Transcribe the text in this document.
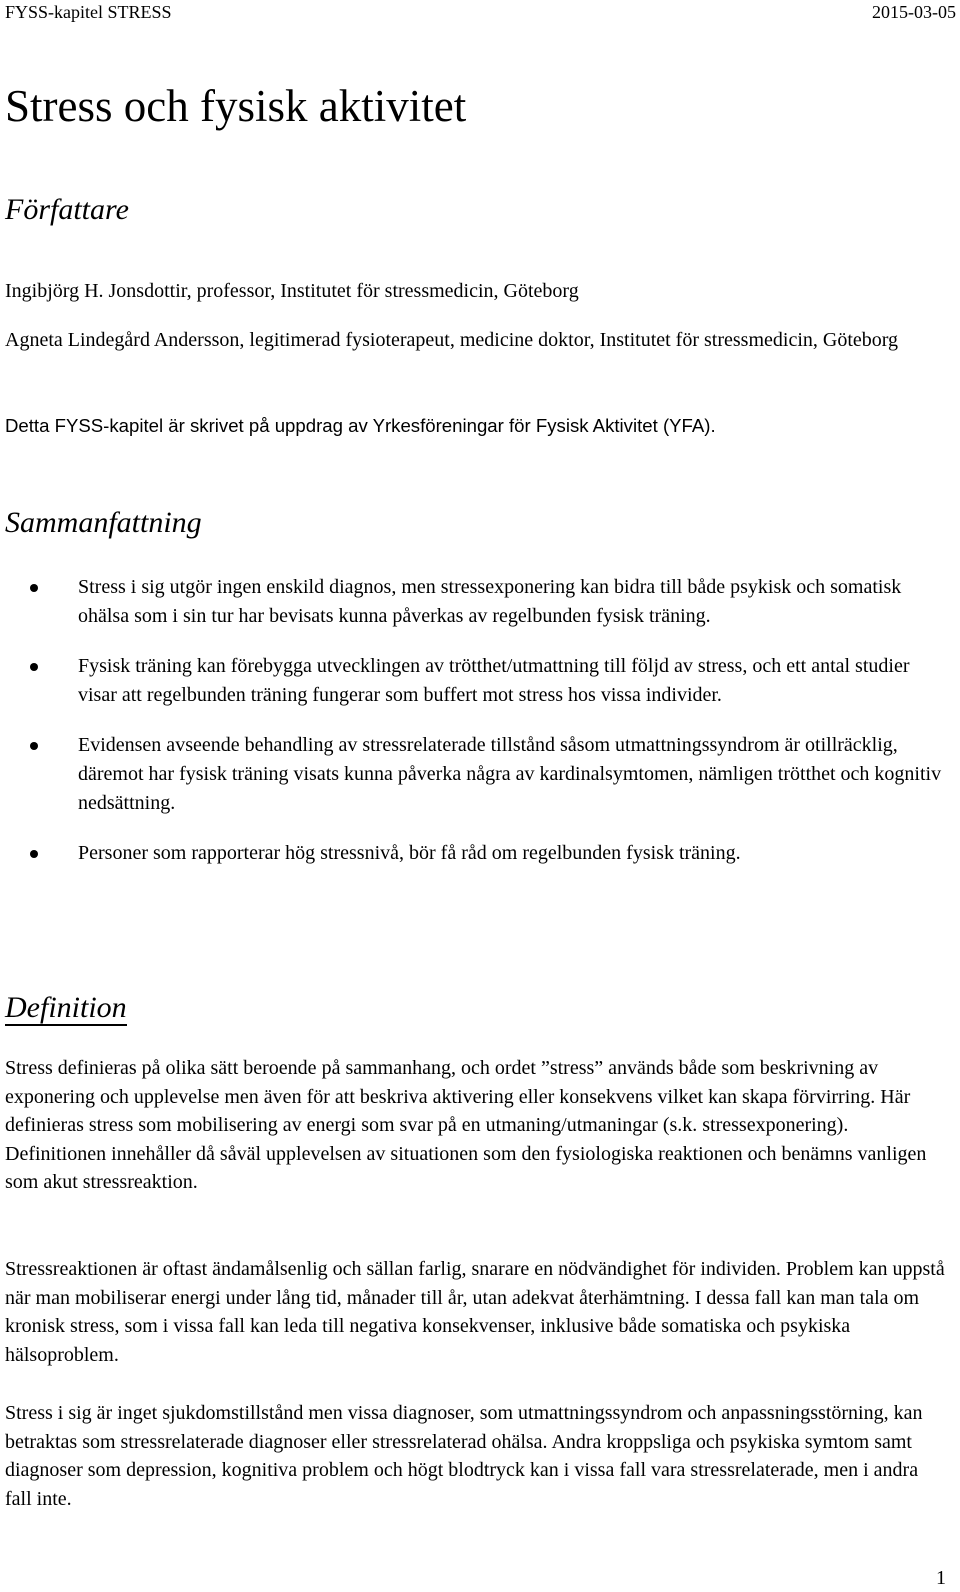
FYSS-kapitel STRESS	2015-03-05
Stress och fysisk aktivitet
Författare

Ingibjörg H. Jonsdottir, professor, Institutet för stressmedicin, Göteborg

Agneta Lindegård Andersson, legitimerad fysioterapeut, medicine doktor, Institutet för stressmedicin, Göteborg

Detta FYSS-kapitel är skrivet på uppdrag av Yrkesföreningar för Fysisk Aktivitet (YFA).

Sammanfattning
Stress i sig utgör ingen enskild diagnos, men stressexponering kan bidra till både psykisk och somatisk ohälsa som i sin tur har bevisats kunna påverkas av regelbunden fysisk träning.
Fysisk träning kan förebygga utvecklingen av trötthet/utmattning till följd av stress, och ett antal studier visar att regelbunden träning fungerar som buffert mot stress hos vissa individer.
Evidensen avseende behandling av stressrelaterade tillstånd såsom utmattningssyndrom är otillräcklig, däremot har fysisk träning visats kunna påverka några av kardinalsymtomen, nämligen trötthet och kognitiv nedsättning.
Personer som rapporterar hög stressnivå, bör få råd om regelbunden fysisk träning.
Definition

Stress definieras på olika sätt beroende på sammanhang, och ordet ”stress” används både som beskrivning av exponering och upplevelse men även för att beskriva aktivering eller konsekvens vilket kan skapa förvirring. Här definieras stress som mobilisering av energi som svar på en utmaning/utmaningar (s.k. stressexponering). Definitionen innehåller då såväl upplevelsen av situationen som den fysiologiska reaktionen och benämns vanligen som akut stressreaktion.

Stressreaktionen är oftast ändamålsenlig och sällan farlig, snarare en nödvändighet för individen. Problem kan uppstå när man mobiliserar energi under lång tid, månader till år, utan adekvat återhämtning. I dessa fall kan man tala om kronisk stress, som i vissa fall kan leda till negativa konsekvenser, inklusive både somatiska och psykiska hälsoproblem.

Stress i sig är inget sjukdomstillstånd men vissa diagnoser, som utmattningssyndrom och anpassningsstörning, kan betraktas som stressrelaterade diagnoser eller stressrelaterad ohälsa. Andra kroppsliga och psykiska symtom samt diagnoser som depression, kognitiva problem och högt blodtryck kan i vissa fall vara stressrelaterade, men i andra fall inte.

1
